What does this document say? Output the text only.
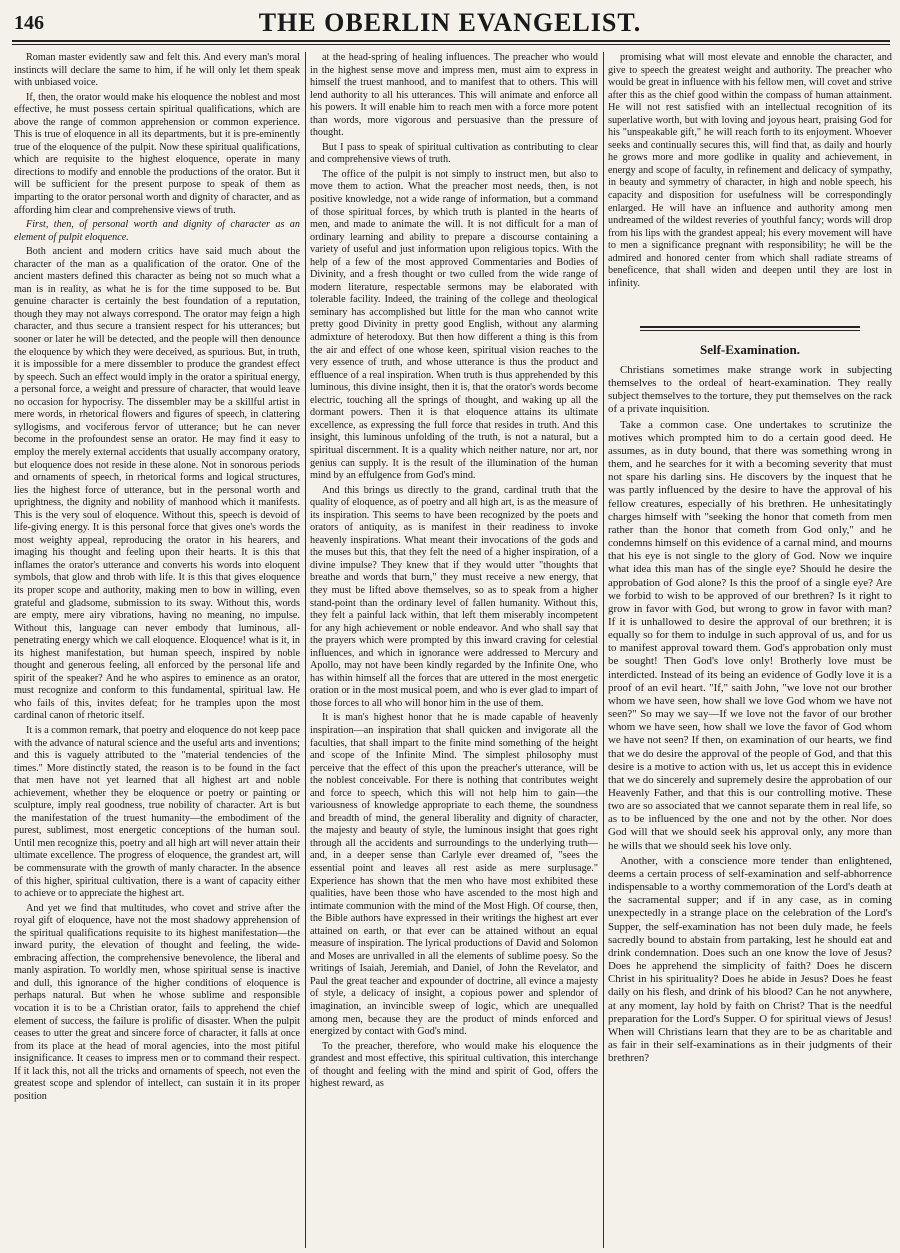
146	THE OBERLIN EVANGELIST.

Roman master evidently saw and felt this. And every man's moral instincts will declare the same to him, if he will only let them speak with unbiased voice.

If, then, the orator would make his eloquence the noblest and most effective, he must possess certain spiritual qualifications, which are above the range of common apprehension or common experience. This is true of eloquence in all its departments, but it is pre-eminently true of the eloquence of the pulpit. Now these spiritual qualifications, which are requisite to the highest eloquence, operate in many directions to modify and ennoble the productions of the orator. But it will be sufficient for the present purpose to speak of them as imparting to the orator personal worth and dignity of character, and as affording him clear and comprehensive views of truth.

First, then, of personal worth and dignity of character as an element of pulpit eloquence.

Both ancient and modern critics have said much about the character of the man as a qualification of the orator. One of the ancient masters defined this character as being not so much what a man is in reality, as what he is for the time supposed to be. But genuine character is certainly the best foundation of a reputation, though they may not always correspond. The orator may feign a high character, and thus secure a transient respect for his utterances; but sooner or later he will be detected, and the people will then denounce the eloquence by which they were deceived, as spurious. But, in truth, it is impossible for a mere dissembler to produce the grandest effect by speech. Such an effect would imply in the orator a spiritual energy, a personal force, a weight and pressure of character, that would leave no occasion for hypocrisy. The dissembler may be a skillful artist in mere words, in rhetorical flowers and figures of speech, in clattering syllogisms, and vociferous fervor of utterance; but he can never become in the profoundest sense an orator. He may find it easy to employ the merely external accidents that usually accompany oratory, but eloquence does not reside in these alone. Not in sonorous periods and ornaments of speech, in rhetorical forms and logical structures, lies the highest force of utterance, but in the personal worth and uprightness, the dignity and nobility of manhood which it manifests. This is the very soul of eloquence. Without this, speech is devoid of life-giving energy. It is this personal force that gives one's words the most weighty appeal, reproducing the orator in his hearers, and imaging his thought and feeling upon their hearts. It is this that inflames the orator's utterance and converts his words into eloquent symbols, that glow and throb with life. It is this that gives eloquence its proper scope and authority, making men to bow in willing, even grateful and gladsome, submission to its sway. Without this, words are empty, mere airy vibrations, having no meaning, no impulse. Without this, language can never embody that luminous, all-penetrating energy which we call eloquence. Eloquence! what is it, in its highest manifestation, but human speech, inspired by noble thought and generous feeling, all enforced by the personal life and spirit of the speaker? And he who aspires to eminence as an orator, must recognize and conform to this fundamental, spiritual law. He who fails of this, invites defeat; for he tramples upon the most cardinal canon of rhetoric itself.

It is a common remark, that poetry and eloquence do not keep pace with the advance of natural science and the useful arts and inventions; and this is vaguely attributed to the "material tendencies of the times." More distinctly stated, the reason is to be found in the fact that men have not yet learned that all highest art and noble achievement, whether they be eloquence or poetry or painting or sculpture, imply real goodness, true nobility of character. Art is but the manifestation of the truest humanity—the embodiment of the purest, sublimest, most energetic conceptions of the human soul. Until men recognize this, poetry and all high art will never attain their ultimate excellence. The progress of eloquence, the grandest art, will be commensurate with the growth of manly character. In the absence of this higher, spiritual cultivation, there is a want of capacity either to achieve or to appreciate the highest art.

And yet we find that multitudes, who covet and strive after the royal gift of eloquence, have not the most shadowy apprehension of the spiritual qualifications requisite to its highest manifestation—the inward purity, the elevation of thought and feeling, the wide-embracing affection, the comprehensive benevolence, the liberal and manly aspiration. To worldly men, whose spiritual sense is inactive and dull, this ignorance of the higher conditions of eloquence is perhaps natural. But when he whose sublime and responsible vocation it is to be a Christian orator, fails to apprehend the chief element of success, the failure is prolific of disaster. When the pulpit ceases to utter the great and sincere force of character, it falls at once from its place at the head of moral agencies, into the most pitiful insignificance. It ceases to impress men or to command their respect. If it lack this, not all the tricks and ornaments of speech, not even the greatest scope and splendor of intellect, can sustain it in its proper position

at the head-spring of healing influences. The preacher who would in the highest sense move and impress men, must aim to express in himself the truest manhood, and to manifest that to others. This will lend authority to all his utterances. This will animate and enforce all his powers. It will enable him to reach men with a force more potent than words, more vigorous and persuasive than the pressure of thought.

But I pass to speak of spiritual cultivation as contributing to clear and comprehensive views of truth.

The office of the pulpit is not simply to instruct men, but also to move them to action. What the preacher most needs, then, is not positive knowledge, not a wide range of information, but a command of those spiritual forces, by which truth is planted in the hearts of men, and made to animate the will. It is not difficult for a man of ordinary learning and ability to prepare a discourse containing a variety of useful and just information upon religious topics. With the help of a few of the most approved Commentaries and Bodies of Divinity, and a fresh thought or two culled from the wide range of modern literature, respectable sermons may be elaborated with tolerable facility. Indeed, the training of the college and theological seminary has accomplished but little for the man who cannot write pretty good Divinity in pretty good English, without any alarming admixture of heterodoxy. But then how different a thing is this from the air and effect of one whose keen, spiritual vision reaches to the very essence of truth, and whose utterance is thus the product and effluence of a real inspiration. When truth is thus apprehended by this luminous, this divine insight, then it is, that the orator's words become electric, touching all the springs of thought, and waking up all the dormant powers. Then it is that eloquence attains its ultimate excellence, as expressing the full force that resides in truth. And this insight, this luminous unfolding of the truth, is not a natural, but a spiritual discernment. It is a quality which neither nature, nor art, nor genius can supply. It is the result of the illumination of the human mind by an effulgence from God's mind.

And this brings us directly to the grand, cardinal truth that the quality of eloquence, as of poetry and all high art, is as the measure of its inspiration. This seems to have been recognized by the poets and orators of antiquity, as is manifest in their readiness to invoke heavenly inspirations. What meant their invocations of the gods and the muses but this, that they felt the need of a higher inspiration, of a divine impulse? They knew that if they would utter "thoughts that breathe and words that burn," they must receive a new energy, that they must be lifted above themselves, so as to speak from a higher stand-point than the ordinary level of fallen humanity. Without this, they felt a painful lack within, that left them miserably incompetent for any high achievement or noble endeavor. And who shall say that the prayers which were prompted by this inward craving for celestial influences, and which in ignorance were addressed to Mercury and Apollo, may not have been kindly regarded by the Infinite One, who has within himself all the forces that are uttered in the most energetic oration or in the most musical poem, and who is ever glad to impart of those forces to all who will honor him in the use of them.

It is man's highest honor that he is made capable of heavenly inspiration—an inspiration that shall quicken and invigorate all the faculties, that shall impart to the finite mind something of the height and scope of the Infinite Mind. The simplest philosophy must perceive that the effect of this upon the preacher's utterance, will be the noblest conceivable. For there is nothing that contributes weight and force to speech, which this will not help him to gain—the variousness of knowledge appropriate to each theme, the soundness and breadth of mind, the general liberality and dignity of character, the majesty and beauty of style, the luminous insight that goes right through all the accidents and surroundings to the underlying truth—and, in a deeper sense than Carlyle ever dreamed of, "sees the essential point and leaves all rest aside as mere surplusage." Experience has shown that the men who have most exhibited these qualities, have been those who have ascended to the most high and intimate communion with the mind of the Most High. Of course, then, the Bible authors have expressed in their writings the highest art ever attained on earth, or that ever can be attained without an equal measure of inspiration. The lyrical productions of David and Solomon and Moses are unrivalled in all the elements of sublime poesy. So the writings of Isaiah, Jeremiah, and Daniel, of John the Revelator, and Paul the great teacher and expounder of doctrine, all evince a majesty of style, a delicacy of insight, a copious power and splendor of imagination, an invincible sweep of logic, which are unequalled among men, because they are the product of minds enforced and energized by contact with God's mind.

To the preacher, therefore, who would make his eloquence the grandest and most effective, this spiritual cultivation, this interchange of thought and feeling with the mind and spirit of God, offers the highest reward, as

promising what will most elevate and ennoble the character, and give to speech the greatest weight and authority. The preacher who would be great in influence with his fellow men, will covet and strive after this as the chief good within the compass of human attainment. He will not rest satisfied with an intellectual recognition of its superlative worth, but with loving and joyous heart, praising God for his "unspeakable gift," he will reach forth to its enjoyment. Whoever seeks and continually secures this, will find that, as daily and hourly he grows more and more godlike in quality and achievement, in energy and scope of faculty, in refinement and delicacy of sympathy, in beauty and symmetry of character, in high and noble speech, his capacity and disposition for usefulness will be correspondingly enlarged. He will have an influence and authority among men undreamed of the wildest reveries of youthful fancy; words will drop from his lips with the grandest appeal; his every movement will have to men a significance pregnant with responsibility; he will be the admired and honored center from which shall radiate streams of beneficence, that shall widen and deepen until they are lost in infinity.

Self-Examination.

Christians sometimes make strange work in subjecting themselves to the ordeal of heart-examination. They really subject themselves to the torture, they put themselves on the rack of a private inquisition.

Take a common case. One undertakes to scrutinize the motives which prompted him to do a certain good deed. He assumes, as in duty bound, that there was something wrong in them, and he searches for it with a becoming severity that must not spare his darling sins. He discovers by the inquest that he was partly influenced by the desire to have the approval of his fellow creatures, especially of his brethren. He unhesitatingly charges himself with "seeking the honor that cometh from men rather than the honor that cometh from God only," and he condemns himself on this evidence of a carnal mind, and mourns that his eye is not single to the glory of God. Now we inquire what idea this man has of the single eye? Should he desire the approbation of God alone? Is this the proof of a single eye? Are we forbid to wish to be approved of our brethren? Is it right to grow in favor with God, but wrong to grow in favor with man? If it is unhallowed to desire the approval of our brethren; it is equally so for them to indulge in such approval of us, and for us to manifest approval toward them. God's approbation only must be sought! Then God's love only! Brotherly love must be interdicted. Instead of its being an evidence of Godly love it is a proof of an evil heart. "If," saith John, "we love not our brother whom we have seen, how shall we love God whom we have not seen?" So may we say—If we love not the favor of our brother whom we have seen, how shall we love the favor of God whom we have not seen? If then, on examination of our hearts, we find that we do desire the approval of the people of God, and that this desire is a motive to action with us, let us accept this in evidence that we do sincerely and supremely desire the approbation of our Heavenly Father, and that this is our controlling motive. These two are so associated that we cannot separate them in real life, so as to be influenced by the one and not by the other. Nor does God will that we should seek his approval only, any more than he wills that we should seek his love only.

Another, with a conscience more tender than enlightened, deems a certain process of self-examination and self-abhorrence indispensable to a worthy commemoration of the Lord's death at the sacramental supper; and if in any case, as in coming unexpectedly in a strange place on the celebration of the Lord's Supper, the self-examination has not been duly made, he feels sacredly bound to abstain from partaking, lest he should eat and drink condemnation. Does such an one know the love of Jesus? Does he apprehend the simplicity of faith? Does he discern Christ in his spirituality? Does he abide in Jesus? Does he feast daily on his flesh, and drink of his blood? Can he not anywhere, at any moment, lay hold by faith on Christ? That is the needful preparation for the Lord's Supper. O for spiritual views of Jesus! When will Christians learn that they are to be as charitable and as fair in their self-examinations as in their judgments of their brethren?
